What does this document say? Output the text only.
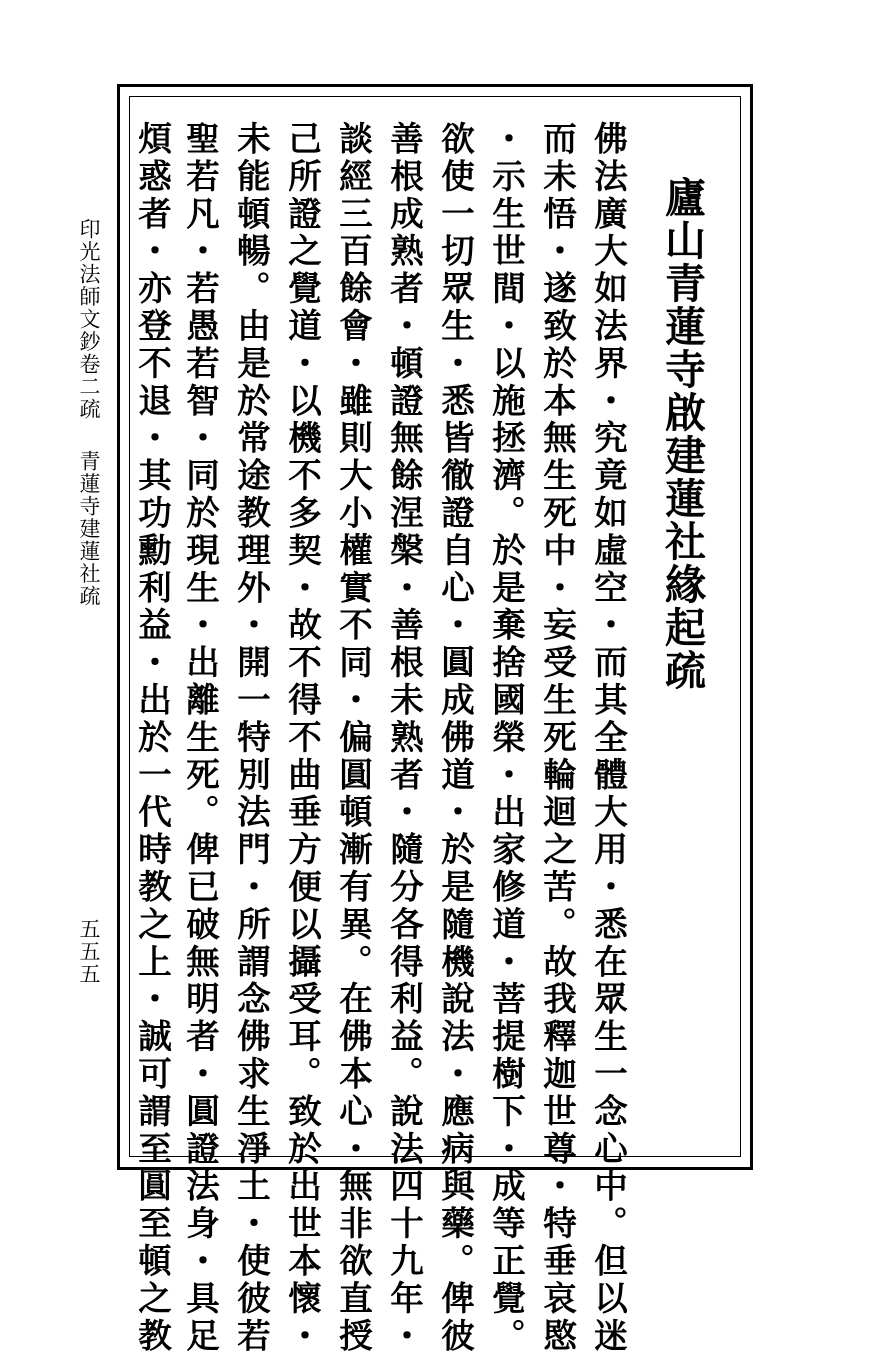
印光法師文鈔卷二
疏
青蓮寺建蓮社疏
五五五
廬山青蓮寺啟建蓮社緣起疏
佛法廣大如法界・究竟如虛空・而其全體大用・悉在眾生一念心中。但以迷
而未悟・遂致於本無生死中・妄受生死輪迴之苦。故我釋迦世尊・特垂哀愍
・示生世間・以施拯濟。於是棄捨國榮・出家修道・菩提樹下・成等正覺。
欲使一切眾生・悉皆徹證自心・圓成佛道・於是隨機說法・應病與藥。俾彼
善根成熟者・頓證無餘涅槃・善根未熟者・隨分各得利益。說法四十九年・
談經三百餘會・雖則大小權實不同・偏圓頓漸有異。在佛本心・無非欲直授
己所證之覺道・以機不多契・故不得不曲垂方便以攝受耳。致於出世本懷・
未能頓暢。由是於常途教理外・開一特別法門・所謂念佛求生淨土・使彼若
聖若凡・若愚若智・同於現生・出離生死。俾已破無明者・圓證法身・具足
煩惑者・亦登不退・其功勳利益・出於一代時教之上・誠可謂至圓至頓之教
